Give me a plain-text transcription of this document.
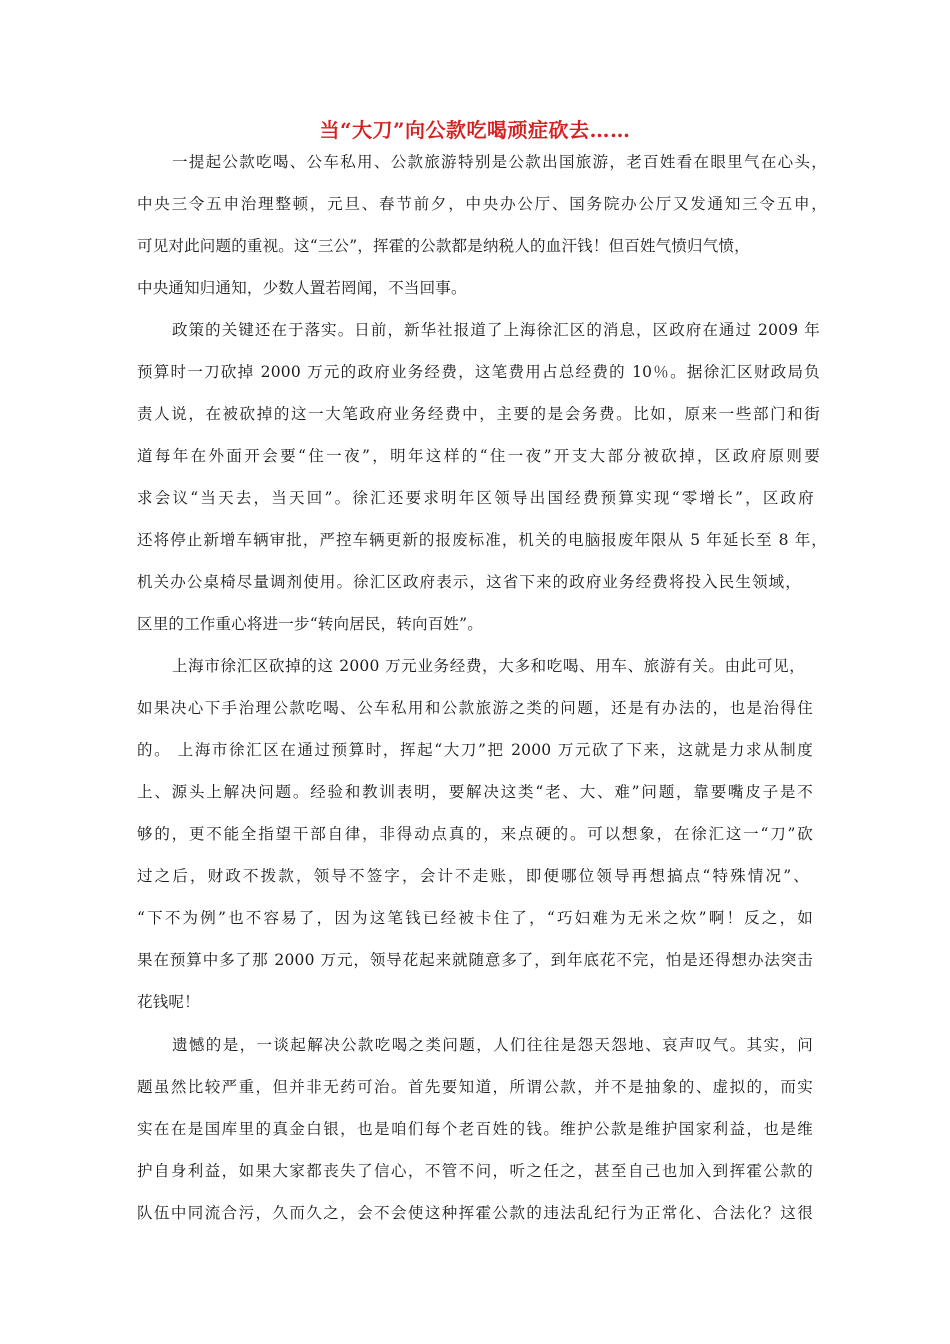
当“大刀”向公款吃喝顽症砍去……
一提起公款吃喝、公车私用、公款旅游特别是公款出国旅游，老百姓看在眼里气在心头，
中央三令五申治理整顿，元旦、春节前夕，中央办公厅、国务院办公厅又发通知三令五申，
可见对此问题的重视。这“三公”，挥霍的公款都是纳税人的血汗钱！但百姓气愤归气愤，
中央通知归通知，少数人置若罔闻，不当回事。
政策的关键还在于落实。日前，新华社报道了上海徐汇区的消息，区政府在通过 2009 年
预算时一刀砍掉 2000 万元的政府业务经费，这笔费用占总经费的 10％。据徐汇区财政局负
责人说，在被砍掉的这一大笔政府业务经费中，主要的是会务费。比如，原来一些部门和街
道每年在外面开会要“住一夜”，明年这样的“住一夜”开支大部分被砍掉，区政府原则要
求会议“当天去，当天回”。徐汇还要求明年区领导出国经费预算实现“零增长”，区政府
还将停止新增车辆审批，严控车辆更新的报废标准，机关的电脑报废年限从 5 年延长至 8 年，
机关办公桌椅尽量调剂使用。徐汇区政府表示，这省下来的政府业务经费将投入民生领域，
区里的工作重心将进一步“转向居民，转向百姓”。
上海市徐汇区砍掉的这 2000 万元业务经费，大多和吃喝、用车、旅游有关。由此可见，
如果决心下手治理公款吃喝、公车私用和公款旅游之类的问题，还是有办法的，也是治得住
的。 上海市徐汇区在通过预算时，挥起“大刀”把 2000 万元砍了下来，这就是力求从制度
上、源头上解决问题。经验和教训表明，要解决这类“老、大、难”问题，靠要嘴皮子是不
够的，更不能全指望干部自律，非得动点真的，来点硬的。可以想象，在徐汇这一“刀”砍
过之后，财政不拨款，领导不签字，会计不走账，即便哪位领导再想搞点“特殊情况”、
“下不为例”也不容易了，因为这笔钱已经被卡住了，“巧妇难为无米之炊”啊！反之，如
果在预算中多了那 2000 万元，领导花起来就随意多了，到年底花不完，怕是还得想办法突击
花钱呢！
遗憾的是，一谈起解决公款吃喝之类问题，人们往往是怨天怨地、哀声叹气。其实，问
题虽然比较严重，但并非无药可治。首先要知道，所谓公款，并不是抽象的、虚拟的，而实
实在在是国库里的真金白银，也是咱们每个老百姓的钱。维护公款是维护国家利益，也是维
护自身利益，如果大家都丧失了信心，不管不问，听之任之，甚至自己也加入到挥霍公款的
队伍中同流合污，久而久之，会不会使这种挥霍公款的违法乱纪行为正常化、合法化？这很
